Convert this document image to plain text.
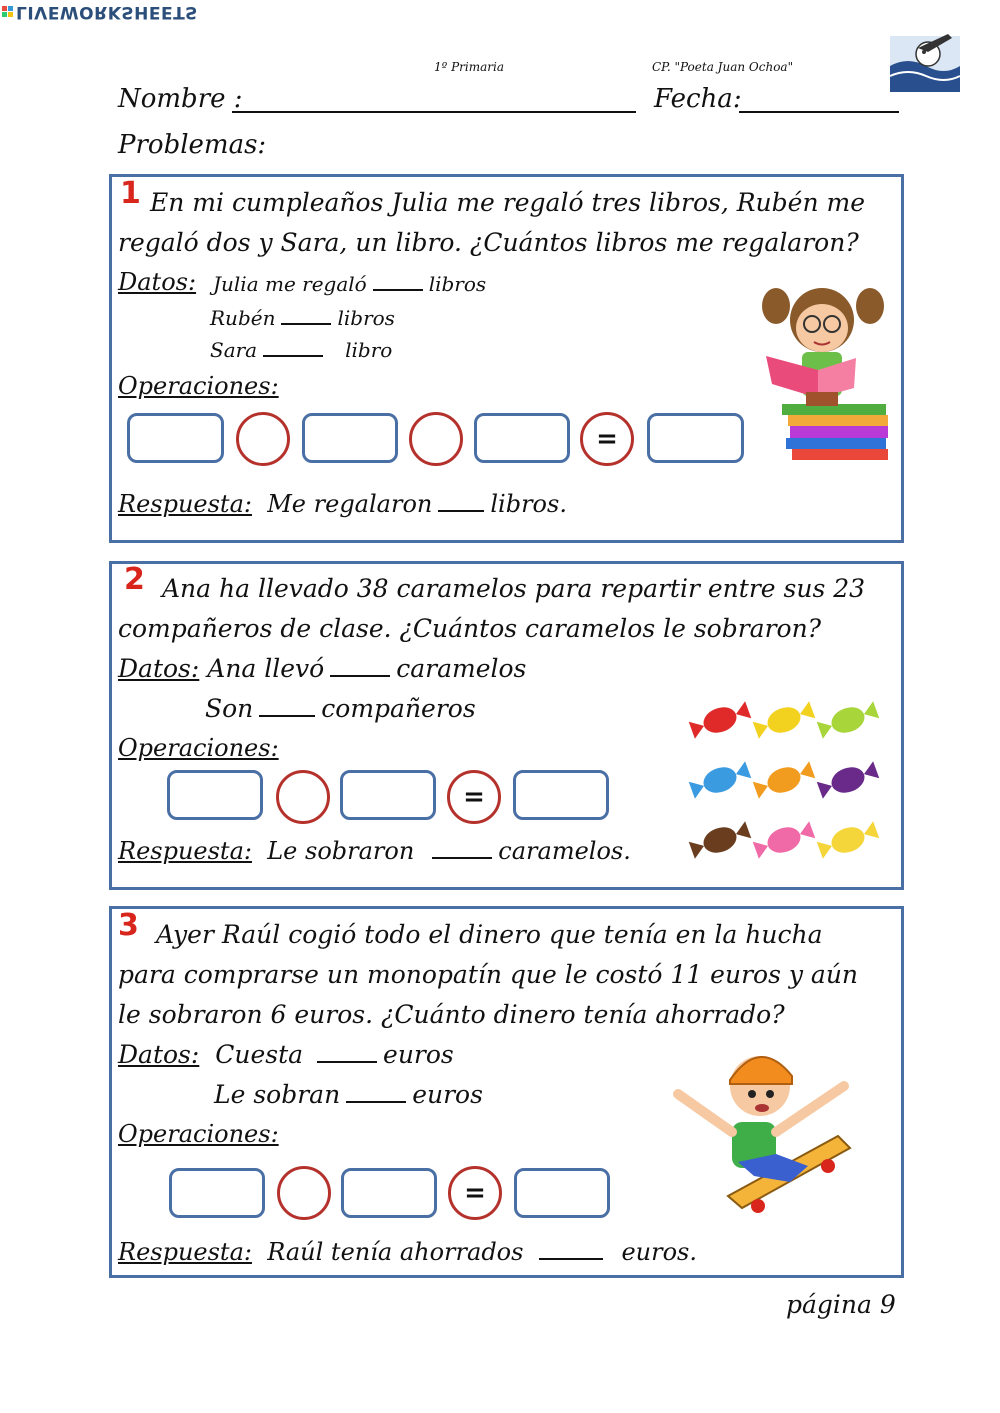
LIVEWORKSHEETS
1º Primaria	CP. "Poeta Juan Ochoa"
Nombre :	Fecha:
Problemas:
1 En mi cumpleaños Julia me regaló tres libros, Rubén me
regaló dos y Sara, un libro. ¿Cuántos libros me regalaron?
Datos: Julia me regaló	libros
Rubén	libros
Sara	libro
Operaciones:
=
Respuesta: Me regalaron libros.
2 Ana ha llevado 38 caramelos para repartir entre sus 23
compañeros de clase. ¿Cuántos caramelos le sobraron?
Datos: Ana llevó	caramelos
Son	compañeros
Operaciones:
=
Respuesta: Le sobraron	caramelos.
3 Ayer Raúl cogió todo el dinero que tenía en la hucha
para comprarse un monopatín que le costó 11 euros y aún
le sobraron 6 euros. ¿Cuánto dinero tenía ahorrado?
Datos: Cuesta	euros
Le sobran	euros
Operaciones:
=
Respuesta: Raúl tenía ahorrados	euros.
página 9
